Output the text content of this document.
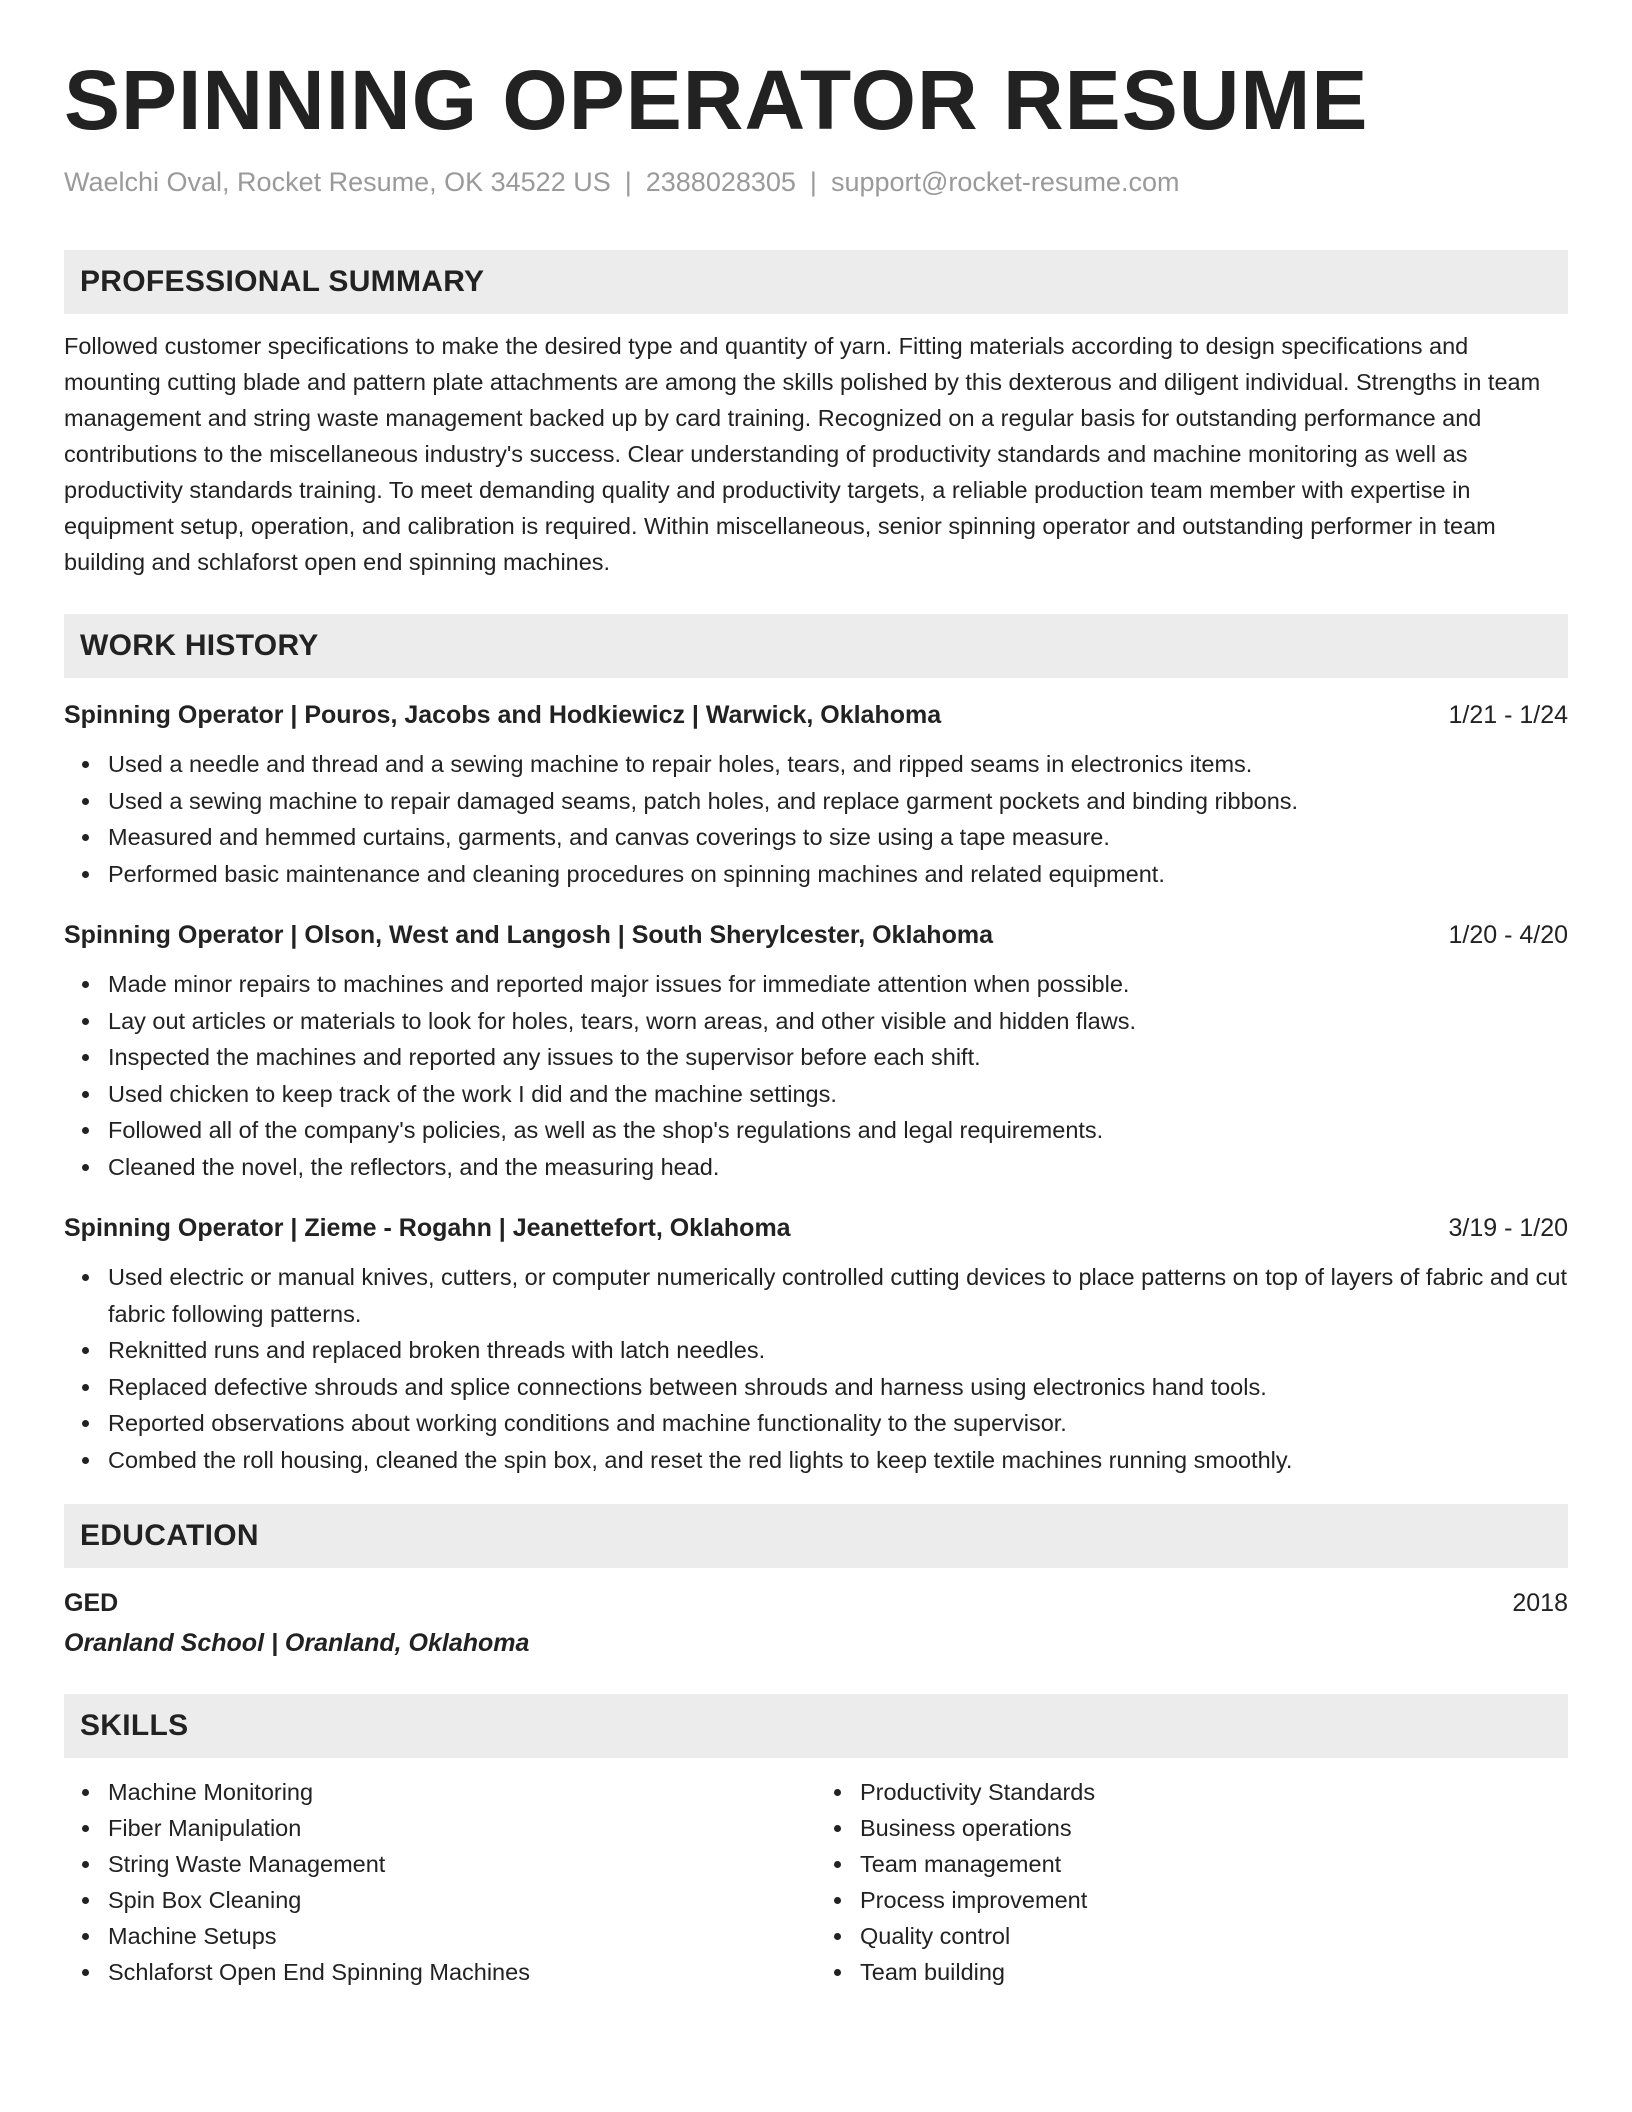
SPINNING OPERATOR RESUME
Waelchi Oval, Rocket Resume, OK 34522 US | 2388028305 | support@rocket-resume.com
PROFESSIONAL SUMMARY
Followed customer specifications to make the desired type and quantity of yarn. Fitting materials according to design specifications and mounting cutting blade and pattern plate attachments are among the skills polished by this dexterous and diligent individual. Strengths in team management and string waste management backed up by card training. Recognized on a regular basis for outstanding performance and contributions to the miscellaneous industry's success. Clear understanding of productivity standards and machine monitoring as well as productivity standards training. To meet demanding quality and productivity targets, a reliable production team member with expertise in equipment setup, operation, and calibration is required. Within miscellaneous, senior spinning operator and outstanding performer in team building and schlaforst open end spinning machines.
WORK HISTORY
Spinning Operator | Pouros, Jacobs and Hodkiewicz | Warwick, Oklahoma	1/21 - 1/24
Used a needle and thread and a sewing machine to repair holes, tears, and ripped seams in electronics items.
Used a sewing machine to repair damaged seams, patch holes, and replace garment pockets and binding ribbons.
Measured and hemmed curtains, garments, and canvas coverings to size using a tape measure.
Performed basic maintenance and cleaning procedures on spinning machines and related equipment.
Spinning Operator | Olson, West and Langosh | South Sherylcester, Oklahoma	1/20 - 4/20
Made minor repairs to machines and reported major issues for immediate attention when possible.
Lay out articles or materials to look for holes, tears, worn areas, and other visible and hidden flaws.
Inspected the machines and reported any issues to the supervisor before each shift.
Used chicken to keep track of the work I did and the machine settings.
Followed all of the company's policies, as well as the shop's regulations and legal requirements.
Cleaned the novel, the reflectors, and the measuring head.
Spinning Operator | Zieme - Rogahn | Jeanettefort, Oklahoma	3/19 - 1/20
Used electric or manual knives, cutters, or computer numerically controlled cutting devices to place patterns on top of layers of fabric and cut fabric following patterns.
Reknitted runs and replaced broken threads with latch needles.
Replaced defective shrouds and splice connections between shrouds and harness using electronics hand tools.
Reported observations about working conditions and machine functionality to the supervisor.
Combed the roll housing, cleaned the spin box, and reset the red lights to keep textile machines running smoothly.
EDUCATION
GED	2018
Oranland School | Oranland, Oklahoma
SKILLS
Machine Monitoring
Fiber Manipulation
String Waste Management
Spin Box Cleaning
Machine Setups
Schlaforst Open End Spinning Machines
Productivity Standards
Business operations
Team management
Process improvement
Quality control
Team building
